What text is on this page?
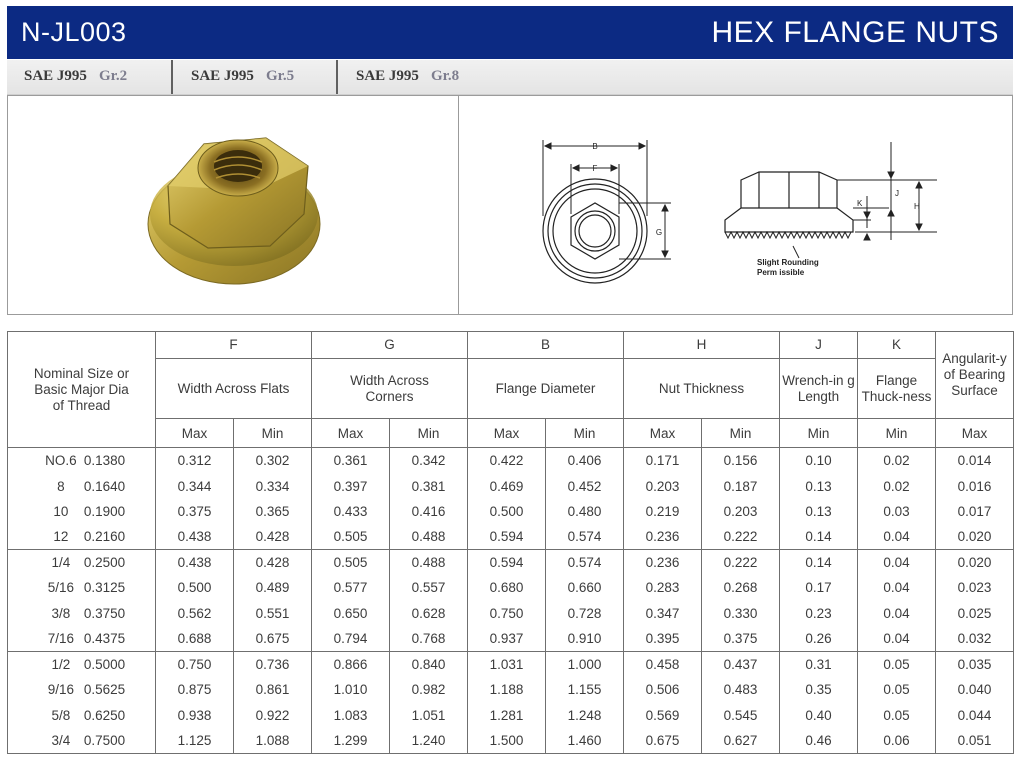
N-JL003	HEX FLANGE NUTS
SAE J995 Gr.2	SAE J995 Gr.5	SAE J995 Gr.8
B
F
G
J
H
K
Slight Rounding
Perm issible
Nominal Size or Basic Major Dia of Thread	F		G		B		H		J	K	Angularit-y of Bearing Surface
	Width Across Flats		Width Across Corners		Flange Diameter		Nut Thickness		Wrench-in g Length	Flange Thuck-ness	
	Max	Min	Max	Min	Max	Min	Max	Min	Min	Min	Max
NO.6 0.1380	0.312	0.302	0.361	0.342	0.422	0.406	0.171	0.156	0.10	0.02	0.014
8 0.1640	0.344	0.334	0.397	0.381	0.469	0.452	0.203	0.187	0.13	0.02	0.016
10 0.1900	0.375	0.365	0.433	0.416	0.500	0.480	0.219	0.203	0.13	0.03	0.017
12 0.2160	0.438	0.428	0.505	0.488	0.594	0.574	0.236	0.222	0.14	0.04	0.020
1/4 0.2500	0.438	0.428	0.505	0.488	0.594	0.574	0.236	0.222	0.14	0.04	0.020
5/16 0.3125	0.500	0.489	0.577	0.557	0.680	0.660	0.283	0.268	0.17	0.04	0.023
3/8 0.3750	0.562	0.551	0.650	0.628	0.750	0.728	0.347	0.330	0.23	0.04	0.025
7/16 0.4375	0.688	0.675	0.794	0.768	0.937	0.910	0.395	0.375	0.26	0.04	0.032
1/2 0.5000	0.750	0.736	0.866	0.840	1.031	1.000	0.458	0.437	0.31	0.05	0.035
9/16 0.5625	0.875	0.861	1.010	0.982	1.188	1.155	0.506	0.483	0.35	0.05	0.040
5/8 0.6250	0.938	0.922	1.083	1.051	1.281	1.248	0.569	0.545	0.40	0.05	0.044
3/4 0.7500	1.125	1.088	1.299	1.240	1.500	1.460	0.675	0.627	0.46	0.06	0.051
